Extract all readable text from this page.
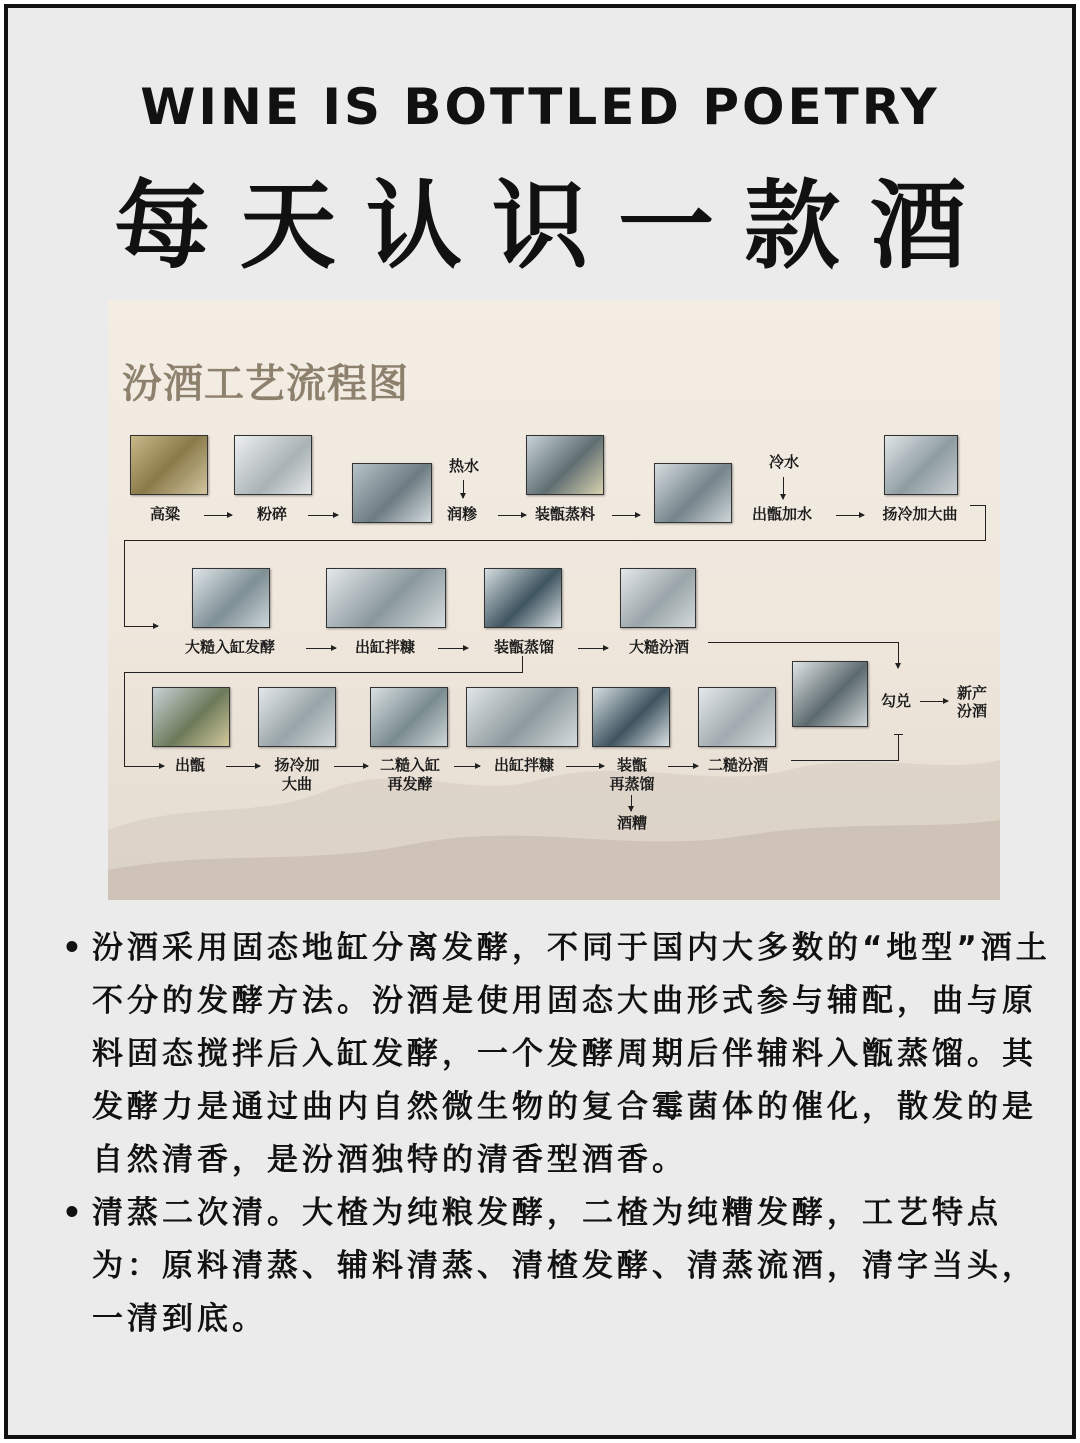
WINE IS BOTTLED POETRY
每天认识一款酒
汾酒工艺流程图
高粱	粉碎
热水
润糁	装甑蒸料
冷水
出甑加水	扬冷加大曲
大糙入缸发酵	出缸拌糠	装甑蒸馏	大糙汾酒
出甑	扬冷加
大曲
二糙入缸
再发酵
出缸拌糠	装甑
再蒸馏
酒糟
二糙汾酒
勾兑	新产
汾酒
• 汾酒采用固态地缸分离发酵，不同于国内大多数的“地型”酒土不分的发酵方法。汾酒是使用固态大曲形式参与辅配，曲与原料固态搅拌后入缸发酵，一个发酵周期后伴辅料入甑蒸馏。其发酵力是通过曲内自然微生物的复合霉菌体的催化，散发的是自然清香，是汾酒独特的清香型酒香。
• 清蒸二次清。大楂为纯粮发酵，二楂为纯糟发酵，工艺特点为：原料清蒸、辅料清蒸、清楂发酵、清蒸流酒，清字当头，一清到底。
